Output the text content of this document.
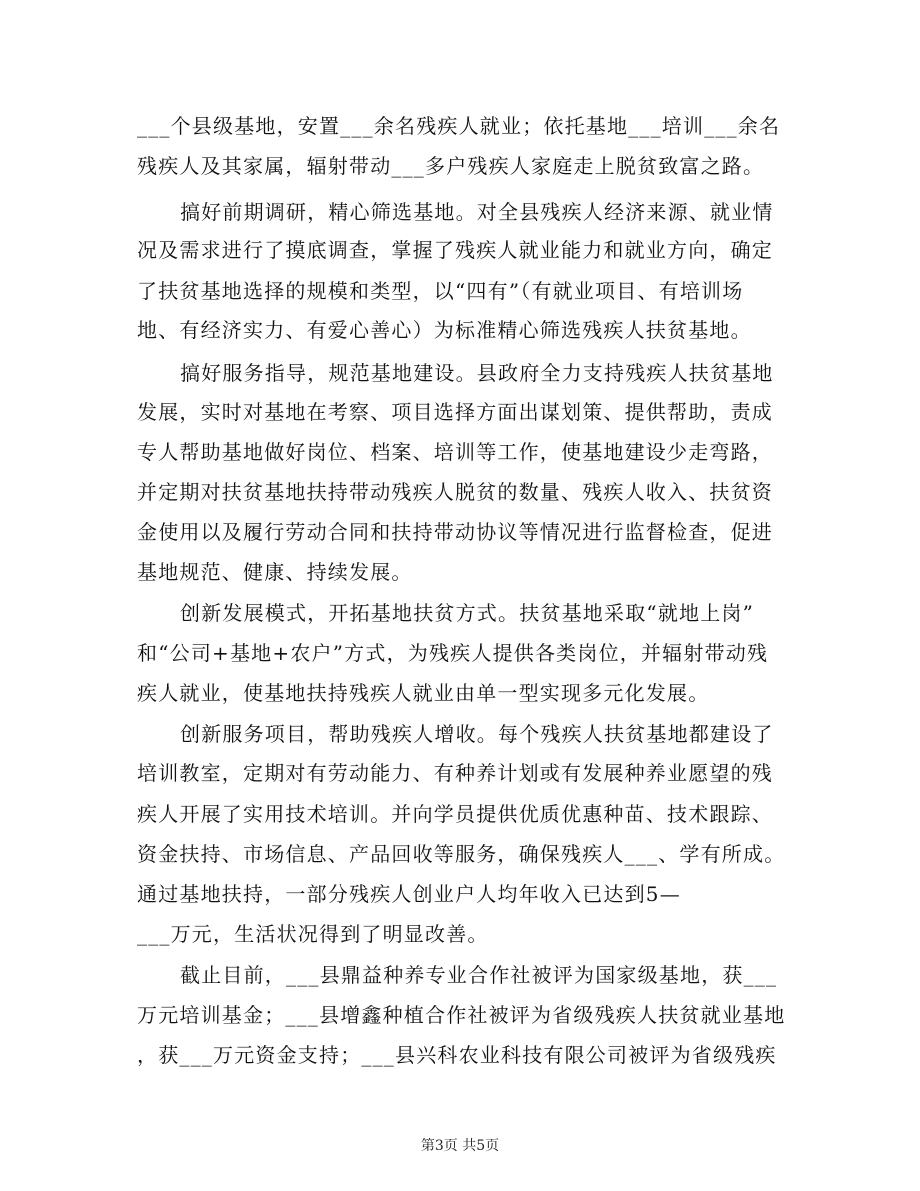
___个县级基地，安置___余名残疾人就业；依托基地___培训___余名
残疾人及其家属，辐射带动___多户残疾人家庭走上脱贫致富之路。
搞好前期调研，精心筛选基地。对全县残疾人经济来源、就业情
况及需求进行了摸底调查，掌握了残疾人就业能力和就业方向，确定
了扶贫基地选择的规模和类型，以“四有”（有就业项目、有培训场
地、有经济实力、有爱心善心）为标准精心筛选残疾人扶贫基地。
搞好服务指导，规范基地建设。县政府全力支持残疾人扶贫基地
发展，实时对基地在考察、项目选择方面出谋划策、提供帮助，责成
专人帮助基地做好岗位、档案、培训等工作，使基地建设少走弯路，
并定期对扶贫基地扶持带动残疾人脱贫的数量、残疾人收入、扶贫资
金使用以及履行劳动合同和扶持带动协议等情况进行监督检查，促进
基地规范、健康、持续发展。
创新发展模式，开拓基地扶贫方式。扶贫基地采取“就地上岗”
和“公司+基地+农户”方式，为残疾人提供各类岗位，并辐射带动残
疾人就业，使基地扶持残疾人就业由单一型实现多元化发展。
创新服务项目，帮助残疾人增收。每个残疾人扶贫基地都建设了
培训教室，定期对有劳动能力、有种养计划或有发展种养业愿望的残
疾人开展了实用技术培训。并向学员提供优质优惠种苗、技术跟踪、
资金扶持、市场信息、产品回收等服务，确保残疾人___、学有所成。
通过基地扶持，一部分残疾人创业户人均年收入已达到5—
___万元，生活状况得到了明显改善。
截止目前，___县鼎益种养专业合作社被评为国家级基地，获___
万元培训基金；___县增鑫种植合作社被评为省级残疾人扶贫就业基地
，获___万元资金支持；___县兴科农业科技有限公司被评为省级残疾
第3页 共5页
